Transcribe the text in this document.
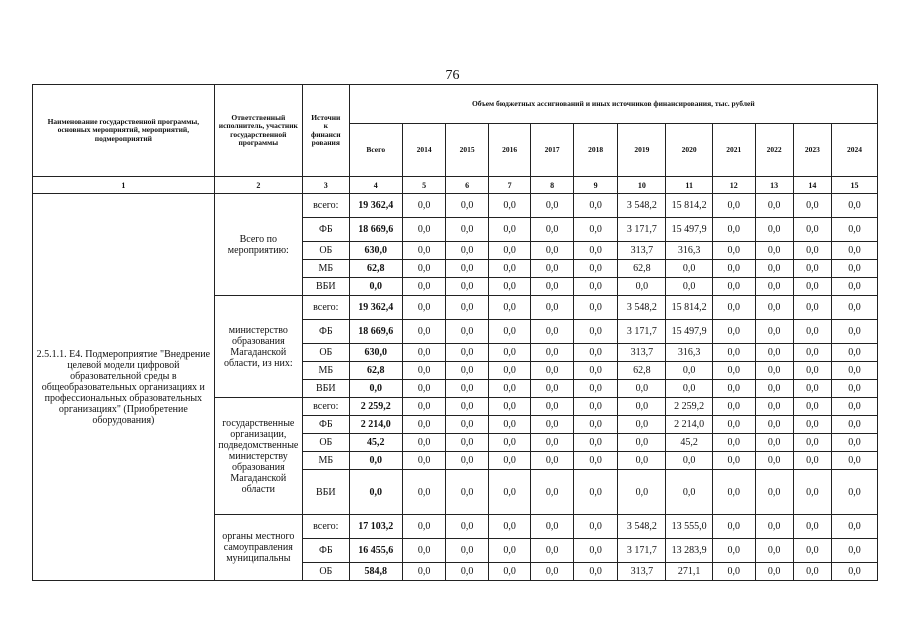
76
Наименование государственной программы, основных мероприятий, мероприятий, подмероприятий	Ответственный исполнитель, участник государственной программы	Источни
к
финанси
рования	Объем бюджетных ассигнований и иных источников финансирования, тыс. рублей											
			Всего	2014	2015	2016	2017	2018	2019	2020	2021	2022	2023	2024
1	2	3	4	5	6	7	8	9	10	11	12	13	14	15
2.5.1.1. Е4. Подмероприятие "Внедрение целевой модели цифровой образовательной среды в общеобразовательных организациях и профессиональных образовательных организациях" (Приобретение оборудования)	Всего по мероприятию:	всего:	19 362,4	0,0	0,0	0,0	0,0	0,0	3 548,2	15 814,2	0,0	0,0	0,0	0,0
		ФБ	18 669,6	0,0	0,0	0,0	0,0	0,0	3 171,7	15 497,9	0,0	0,0	0,0	0,0
		ОБ	630,0	0,0	0,0	0,0	0,0	0,0	313,7	316,3	0,0	0,0	0,0	0,0
		МБ	62,8	0,0	0,0	0,0	0,0	0,0	62,8	0,0	0,0	0,0	0,0	0,0
		ВБИ	0,0	0,0	0,0	0,0	0,0	0,0	0,0	0,0	0,0	0,0	0,0	0,0
	министерство образования Магаданской области, из них:	всего:	19 362,4	0,0	0,0	0,0	0,0	0,0	3 548,2	15 814,2	0,0	0,0	0,0	0,0
		ФБ	18 669,6	0,0	0,0	0,0	0,0	0,0	3 171,7	15 497,9	0,0	0,0	0,0	0,0
		ОБ	630,0	0,0	0,0	0,0	0,0	0,0	313,7	316,3	0,0	0,0	0,0	0,0
		МБ	62,8	0,0	0,0	0,0	0,0	0,0	62,8	0,0	0,0	0,0	0,0	0,0
		ВБИ	0,0	0,0	0,0	0,0	0,0	0,0	0,0	0,0	0,0	0,0	0,0	0,0
	государственные организации, подведомственные министерству образования Магаданской области	всего:	2 259,2	0,0	0,0	0,0	0,0	0,0	0,0	2 259,2	0,0	0,0	0,0	0,0
		ФБ	2 214,0	0,0	0,0	0,0	0,0	0,0	0,0	2 214,0	0,0	0,0	0,0	0,0
		ОБ	45,2	0,0	0,0	0,0	0,0	0,0	0,0	45,2	0,0	0,0	0,0	0,0
		МБ	0,0	0,0	0,0	0,0	0,0	0,0	0,0	0,0	0,0	0,0	0,0	0,0
		ВБИ	0,0	0,0	0,0	0,0	0,0	0,0	0,0	0,0	0,0	0,0	0,0	0,0
	органы местного самоуправления муниципальны	всего:	17 103,2	0,0	0,0	0,0	0,0	0,0	3 548,2	13 555,0	0,0	0,0	0,0	0,0
		ФБ	16 455,6	0,0	0,0	0,0	0,0	0,0	3 171,7	13 283,9	0,0	0,0	0,0	0,0
		ОБ	584,8	0,0	0,0	0,0	0,0	0,0	313,7	271,1	0,0	0,0	0,0	0,0
